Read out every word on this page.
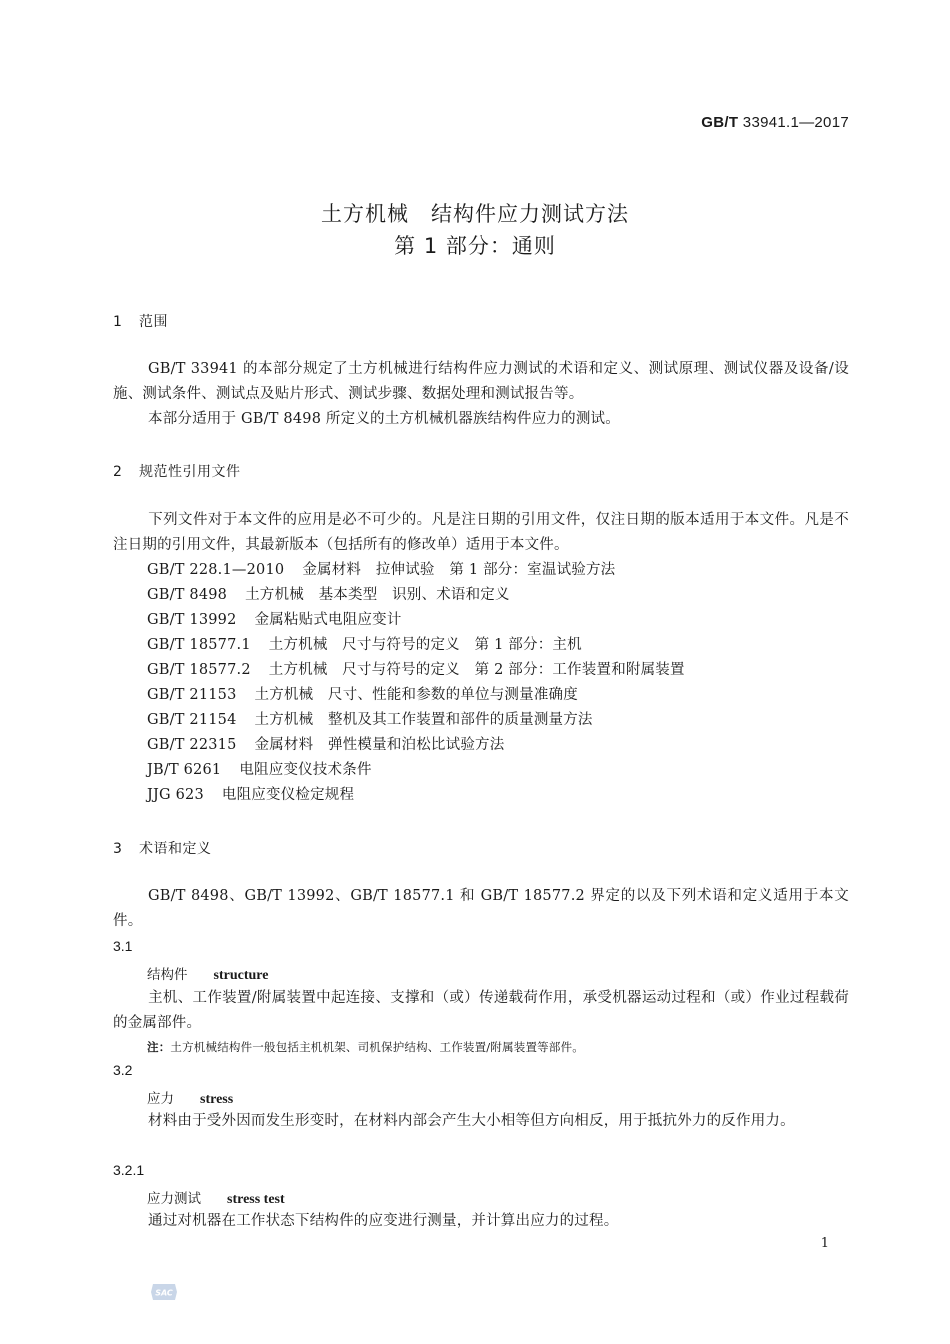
GB/T 33941.1—2017
土方机械　结构件应力测试方法
第 1 部分：通则
1 范围
GB/T 33941 的本部分规定了土方机械进行结构件应力测试的术语和定义、测试原理、测试仪器及设备/设施、测试条件、测试点及贴片形式、测试步骤、数据处理和测试报告等。
本部分适用于 GB/T 8498 所定义的土方机械机器族结构件应力的测试。
2 规范性引用文件
下列文件对于本文件的应用是必不可少的。凡是注日期的引用文件，仅注日期的版本适用于本文件。凡是不注日期的引用文件，其最新版本（包括所有的修改单）适用于本文件。
GB/T 228.1—2010 金属材料　拉伸试验　第 1 部分：室温试验方法
GB/T 8498 土方机械　基本类型　识别、术语和定义
GB/T 13992 金属粘贴式电阻应变计
GB/T 18577.1 土方机械　尺寸与符号的定义　第 1 部分：主机
GB/T 18577.2 土方机械　尺寸与符号的定义　第 2 部分：工作装置和附属装置
GB/T 21153 土方机械　尺寸、性能和参数的单位与测量准确度
GB/T 21154 土方机械　整机及其工作装置和部件的质量测量方法
GB/T 22315 金属材料　弹性模量和泊松比试验方法
JB/T 6261 电阻应变仪技术条件
JJG 623 电阻应变仪检定规程
3 术语和定义
GB/T 8498、GB/T 13992、GB/T 18577.1 和 GB/T 18577.2 界定的以及下列术语和定义适用于本文件。
3.1
结构件 structure
主机、工作装置/附属装置中起连接、支撑和（或）传递载荷作用，承受机器运动过程和（或）作业过程载荷的金属部件。
注：土方机械结构件一般包括主机机架、司机保护结构、工作装置/附属装置等部件。
3.2
应力 stress
材料由于受外因而发生形变时，在材料内部会产生大小相等但方向相反，用于抵抗外力的反作用力。
3.2.1
应力测试 stress test
通过对机器在工作状态下结构件的应变进行测量，并计算出应力的过程。
1
SAC
